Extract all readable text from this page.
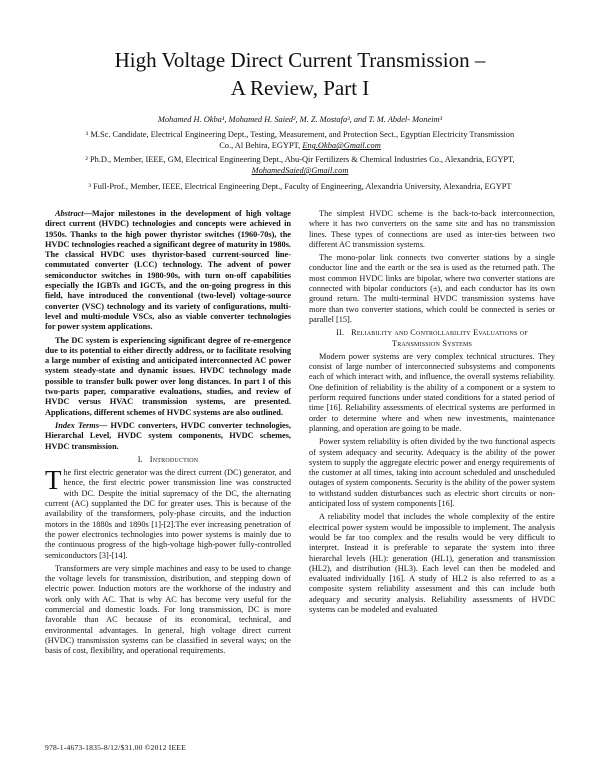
High Voltage Direct Current Transmission –
A Review, Part I

Mohamed H. Okba¹, Mohamed H. Saied², M. Z. Mostafa³, and T. M. Abdel- Moneim³

¹ M.Sc. Candidate, Electrical Engineering Dept., Testing, Measurement, and Protection Sect., Egyptian Electricity Transmission
Co., Al Behira, EGYPT, Eng.Okba@Gmail.com

² Ph.D., Member, IEEE, GM, Electrical Engineering Dept., Abu-Qir Fertilizers & Chemical Industries Co., Alexandria, EGYPT,
MohamedSaied@Gmail.com

³ Full-Prof., Member, IEEE, Electrical Engineering Dept., Faculty of Engineering, Alexandria University, Alexandria, EGYPT

Abstract—Major milestones in the development of high voltage direct current (HVDC) technologies and concepts were achieved in 1950s. Thanks to the high power thyristor switches (1960-70s), the HVDC technologies reached a significant degree of maturity in 1980s. The classical HVDC uses thyristor-based current-sourced line-commutated converter (LCC) technology. The advent of power semiconductor switches in 1980-90s, with turn on-off capabilities especially the IGBTs and IGCTs, and the on-going progress in this field, have introduced the conventional (two-level) voltage-source converter (VSC) technology and its variety of configurations, multi-level and multi-module VSCs, also as viable converter technologies for power system applications.

The DC system is experiencing significant degree of re-emergence due to its potential to either directly address, or to facilitate resolving a large number of existing and anticipated interconnected AC power system steady-state and dynamic issues. HVDC technology made possible to transfer bulk power over long distances. In part I of this two-parts paper, comparative evaluations, studies, and review of HVDC versus HVAC transmission systems, are presented. Applications, different schemes of HVDC systems are also outlined.

Index Terms— HVDC converters, HVDC converter technologies, Hierarchal Level, HVDC system components, HVDC schemes, HVDC transmission.

I. Introduction

The first electric generator was the direct current (DC) generator, and hence, the first electric power transmission line was constructed with DC. Despite the initial supremacy of the DC, the alternating current (AC) supplanted the DC for greater uses. This is because of the availability of the transformers, poly-phase circuits, and the induction motors in the 1880s and 1890s [1]-[2].The ever increasing penetration of the power electronics technologies into power systems is mainly due to the continuous progress of the high-voltage high-power fully-controlled semiconductors [3]-[14].

Transformers are very simple machines and easy to be used to change the voltage levels for transmission, distribution, and stepping down of electric power. Induction motors are the workhorse of the industry and work only with AC. That is why AC has become very useful for the commercial and domestic loads. For long transmission, DC is more favorable than AC because of its economical, technical, and environmental advantages. In general, high voltage direct current (HVDC) transmission systems can be classified in several ways; on the basis of cost, flexibility, and operational requirements.

The simplest HVDC scheme is the back-to-back interconnection, where it has two converters on the same site and has no transmission lines. These types of connections are used as inter-ties between two different AC transmission systems.

The mono-polar link connects two converter stations by a single conductor line and the earth or the sea is used as the returned path. The most common HVDC links are bipolar, where two converter stations are connected with bipolar conductors (±), and each conductor has its own ground return. The multi-terminal HVDC transmission systems have more than two converter stations, which could be connected is series or parallel [15].

II. Reliability and Controllability Evaluations of
Transmission Systems

Modern power systems are very complex technical structures. They consist of large number of interconnected subsystems and components each of which interact with, and influence, the overall systems reliability. One definition of reliability is the ability of a component or a system to perform required functions under stated conditions for a stated period of time [16]. Reliability assessments of electrical systems are performed in order to determine where and when new investments, maintenance planning, and operation are going to be made.

Power system reliability is often divided by the two functional aspects of system adequacy and security. Adequacy is the ability of the power system to supply the aggregate electric power and energy requirements of the customer at all times, taking into account scheduled and unscheduled outages of system components. Security is the ability of the power system to withstand sudden disturbances such as electric short circuits or non-anticipated loss of system components [16].

A reliability model that includes the whole complexity of the entire electrical power system would be impossible to implement. The analysis would be far too complex and the results would be very difficult to interpret. Instead it is preferable to separate the system into three hierarchal levels (HL): generation (HL1), generation and transmission (HL2), and distribution (HL3). Each level can then be modeled and evaluated individually [16]. A study of HL2 is also referred to as a composite system reliability assessment and this can include both adequacy and security analysis. Reliability assessments of HVDC systems can be modeled and evaluated

978-1-4673-1835-8/12/$31.00 ©2012 IEEE
